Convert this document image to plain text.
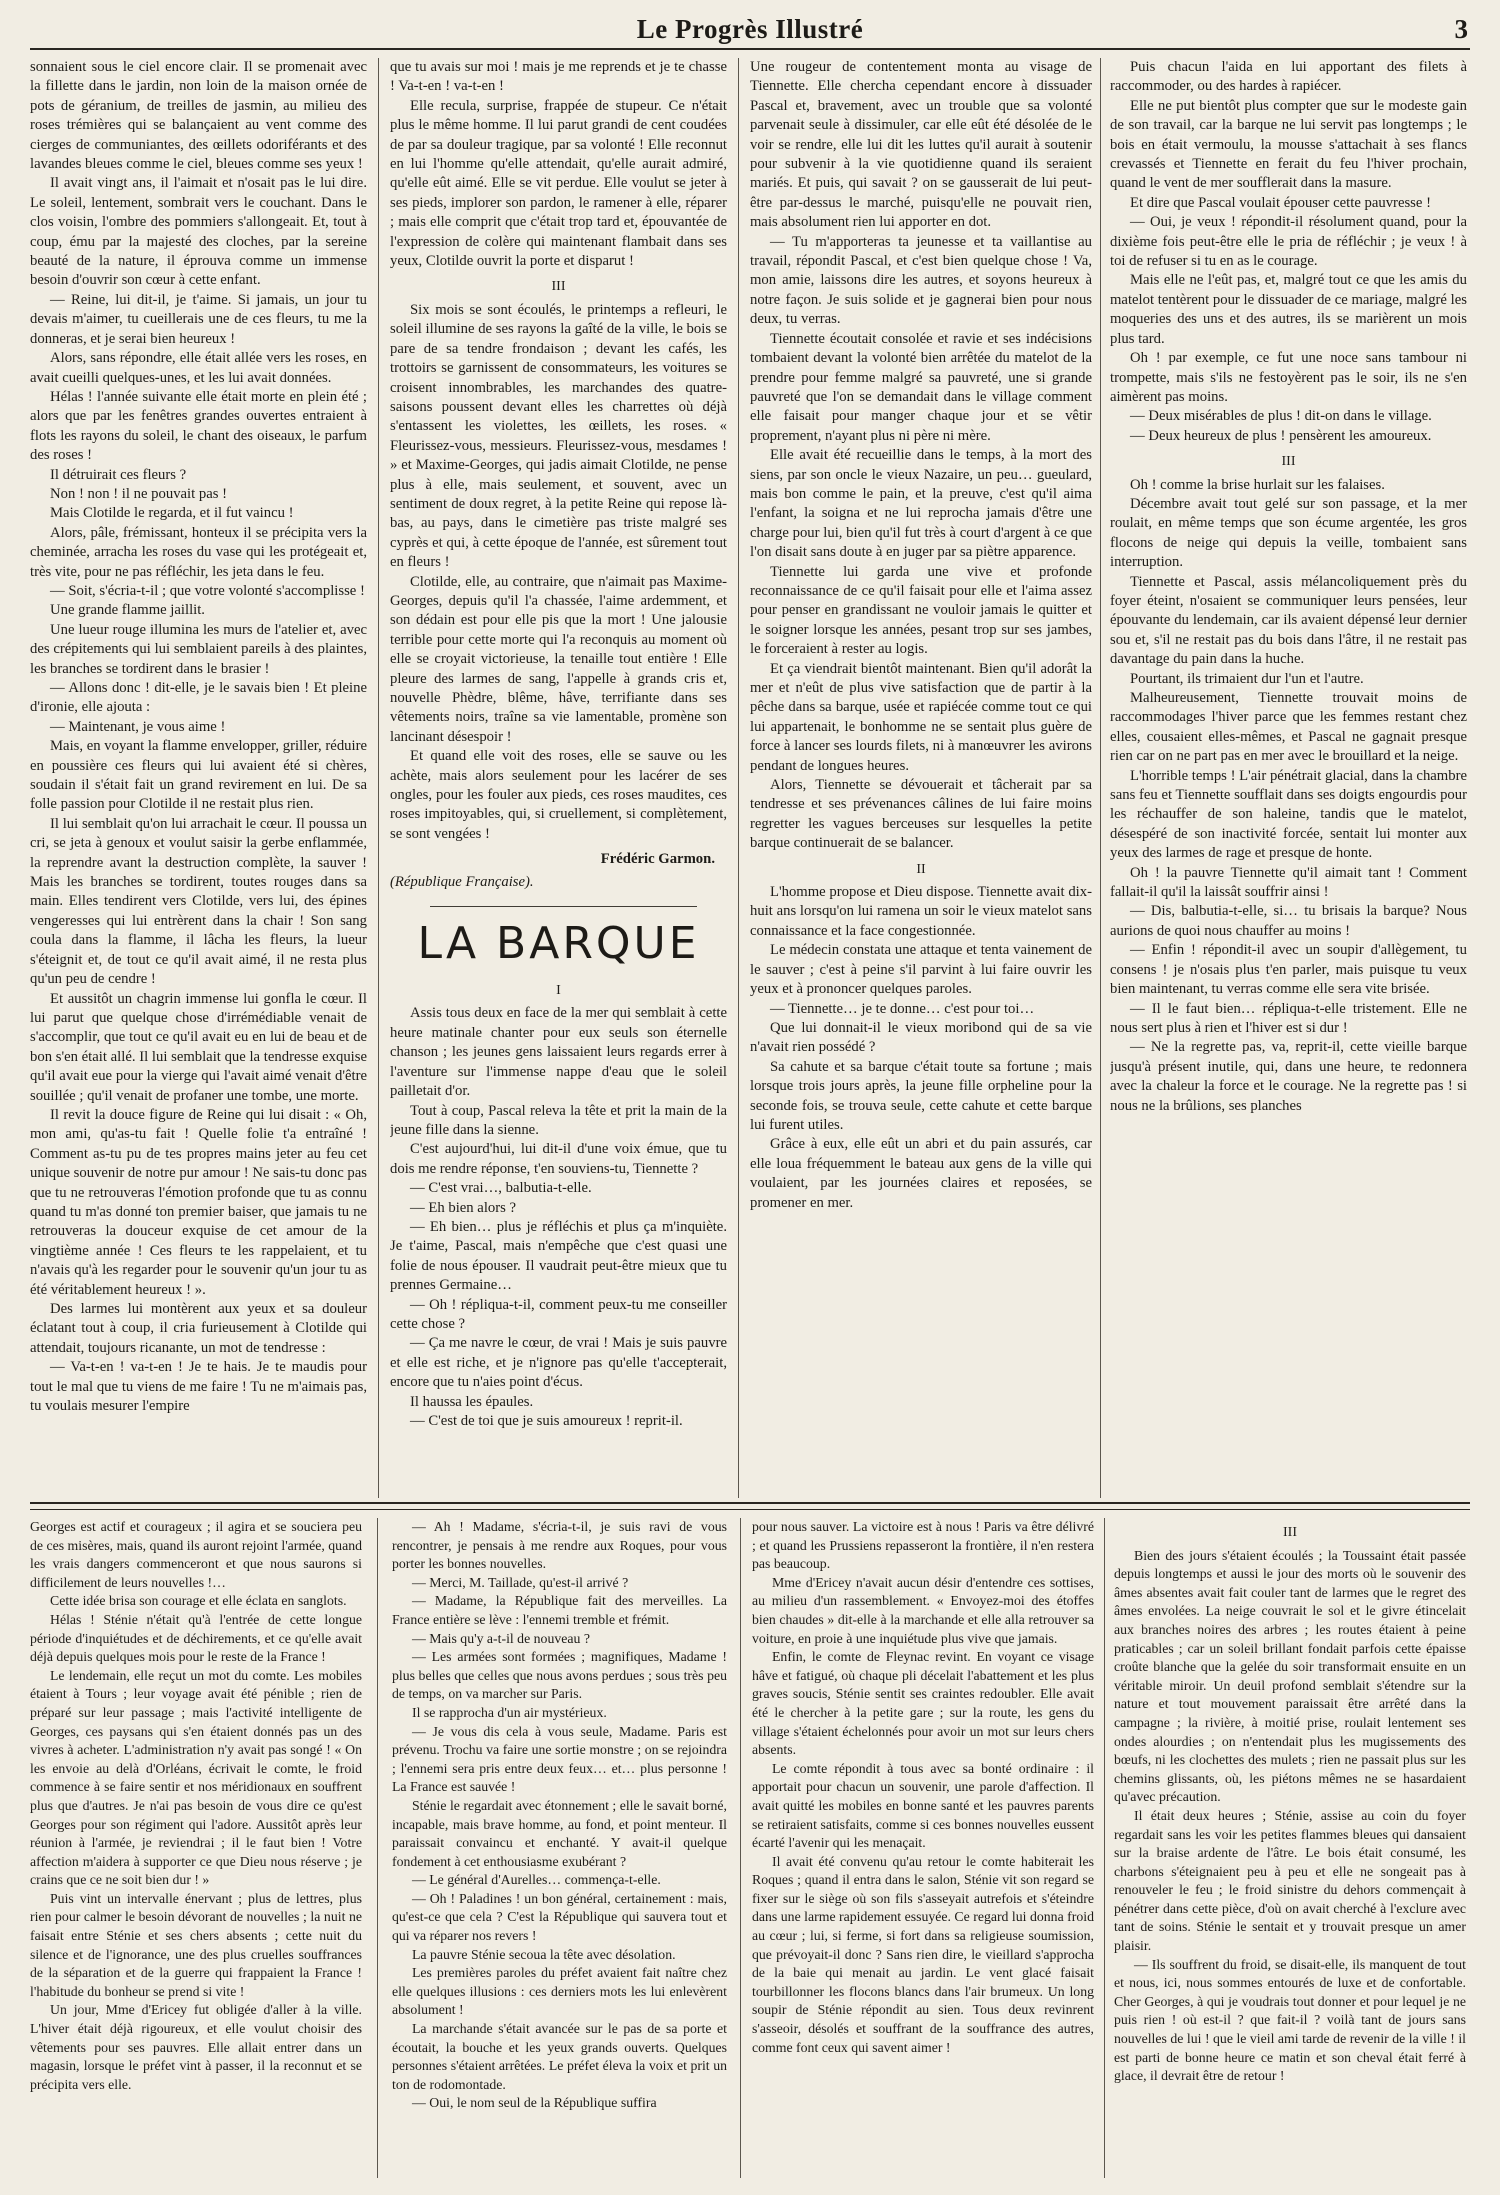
Le Progrès Illustré	3

sonnaient sous le ciel encore clair. Il se promenait avec la fillette dans le jardin, non loin de la maison ornée de pots de géranium, de treilles de jasmin, au milieu des roses trémières qui se balançaient au vent comme des cierges de communiantes, des œillets odoriférants et des lavandes bleues comme le ciel, bleues comme ses yeux !

Il avait vingt ans, il l'aimait et n'osait pas le lui dire. Le soleil, lentement, sombrait vers le couchant. Dans le clos voisin, l'ombre des pommiers s'allongeait. Et, tout à coup, ému par la majesté des cloches, par la sereine beauté de la nature, il éprouva comme un immense besoin d'ouvrir son cœur à cette enfant.

— Reine, lui dit-il, je t'aime. Si jamais, un jour tu devais m'aimer, tu cueillerais une de ces fleurs, tu me la donneras, et je serai bien heureux !

Alors, sans répondre, elle était allée vers les roses, en avait cueilli quelques-unes, et les lui avait données.

Hélas ! l'année suivante elle était morte en plein été ; alors que par les fenêtres grandes ouvertes entraient à flots les rayons du soleil, le chant des oiseaux, le parfum des roses !

Il détruirait ces fleurs ?

Non ! non ! il ne pouvait pas !

Mais Clotilde le regarda, et il fut vaincu !

Alors, pâle, frémissant, honteux il se précipita vers la cheminée, arracha les roses du vase qui les protégeait et, très vite, pour ne pas réfléchir, les jeta dans le feu.

— Soit, s'écria-t-il ; que votre volonté s'accomplisse !

Une grande flamme jaillit.

Une lueur rouge illumina les murs de l'atelier et, avec des crépitements qui lui semblaient pareils à des plaintes, les branches se tordirent dans le brasier !

— Allons donc ! dit-elle, je le savais bien ! Et pleine d'ironie, elle ajouta :

— Maintenant, je vous aime !

Mais, en voyant la flamme envelopper, griller, réduire en poussière ces fleurs qui lui avaient été si chères, soudain il s'était fait un grand revirement en lui. De sa folle passion pour Clotilde il ne restait plus rien.

Il lui semblait qu'on lui arrachait le cœur. Il poussa un cri, se jeta à genoux et voulut saisir la gerbe enflammée, la reprendre avant la destruction complète, la sauver ! Mais les branches se tordirent, toutes rouges dans sa main. Elles tendirent vers Clotilde, vers lui, des épines vengeresses qui lui entrèrent dans la chair ! Son sang coula dans la flamme, il lâcha les fleurs, la lueur s'éteignit et, de tout ce qu'il avait aimé, il ne resta plus qu'un peu de cendre !

Et aussitôt un chagrin immense lui gonfla le cœur. Il lui parut que quelque chose d'irrémédiable venait de s'accomplir, que tout ce qu'il avait eu en lui de beau et de bon s'en était allé. Il lui semblait que la tendresse exquise qu'il avait eue pour la vierge qui l'avait aimé venait d'être souillée ; qu'il venait de profaner une tombe, une morte.

Il revit la douce figure de Reine qui lui disait : « Oh, mon ami, qu'as-tu fait ! Quelle folie t'a entraîné ! Comment as-tu pu de tes propres mains jeter au feu cet unique souvenir de notre pur amour ! Ne sais-tu donc pas que tu ne retrouveras l'émotion profonde que tu as connu quand tu m'as donné ton premier baiser, que jamais tu ne retrouveras la douceur exquise de cet amour de la vingtième année ! Ces fleurs te les rappelaient, et tu n'avais qu'à les regarder pour le souvenir qu'un jour tu as été véritablement heureux ! ».

Des larmes lui montèrent aux yeux et sa douleur éclatant tout à coup, il cria furieusement à Clotilde qui attendait, toujours ricanante, un mot de tendresse :

— Va-t-en ! va-t-en ! Je te hais. Je te maudis pour tout le mal que tu viens de me faire ! Tu ne m'aimais pas, tu voulais mesurer l'empire

que tu avais sur moi ! mais je me reprends et je te chasse ! Va-t-en ! va-t-en !

Elle recula, surprise, frappée de stupeur. Ce n'était plus le même homme. Il lui parut grandi de cent coudées de par sa douleur tragique, par sa volonté ! Elle reconnut en lui l'homme qu'elle attendait, qu'elle aurait admiré, qu'elle eût aimé. Elle se vit perdue. Elle voulut se jeter à ses pieds, implorer son pardon, le ramener à elle, réparer ; mais elle comprit que c'était trop tard et, épouvantée de l'expression de colère qui maintenant flambait dans ses yeux, Clotilde ouvrit la porte et disparut !

III

Six mois se sont écoulés, le printemps a refleuri, le soleil illumine de ses rayons la gaîté de la ville, le bois se pare de sa tendre frondaison ; devant les cafés, les trottoirs se garnissent de consommateurs, les voitures se croisent innombrables, les marchandes des quatre-saisons poussent devant elles les charrettes où déjà s'entassent les violettes, les œillets, les roses. « Fleurissez-vous, messieurs. Fleurissez-vous, mesdames ! » et Maxime-Georges, qui jadis aimait Clotilde, ne pense plus à elle, mais seulement, et souvent, avec un sentiment de doux regret, à la petite Reine qui repose là-bas, au pays, dans le cimetière pas triste malgré ses cyprès et qui, à cette époque de l'année, est sûrement tout en fleurs !

Clotilde, elle, au contraire, que n'aimait pas Maxime-Georges, depuis qu'il l'a chassée, l'aime ardemment, et son dédain est pour elle pis que la mort ! Une jalousie terrible pour cette morte qui l'a reconquis au moment où elle se croyait victorieuse, la tenaille tout entière ! Elle pleure des larmes de sang, l'appelle à grands cris et, nouvelle Phèdre, blême, hâve, terrifiante dans ses vêtements noirs, traîne sa vie lamentable, promène son lancinant désespoir !

Et quand elle voit des roses, elle se sauve ou les achète, mais alors seulement pour les lacérer de ses ongles, pour les fouler aux pieds, ces roses maudites, ces roses impitoyables, qui, si cruellement, si complètement, se sont vengées !

Frédéric Garmon.
(République Française).
LA BARQUE
I

Assis tous deux en face de la mer qui semblait à cette heure matinale chanter pour eux seuls son éternelle chanson ; les jeunes gens laissaient leurs regards errer à l'aventure sur l'immense nappe d'eau que le soleil pailletait d'or.

Tout à coup, Pascal releva la tête et prit la main de la jeune fille dans la sienne.

C'est aujourd'hui, lui dit-il d'une voix émue, que tu dois me rendre réponse, t'en souviens-tu, Tiennette ?

— C'est vrai…, balbutia-t-elle.

— Eh bien alors ?

— Eh bien… plus je réfléchis et plus ça m'inquiète. Je t'aime, Pascal, mais n'empêche que c'est quasi une folie de nous épouser. Il vaudrait peut-être mieux que tu prennes Germaine…

— Oh ! répliqua-t-il, comment peux-tu me conseiller cette chose ?

— Ça me navre le cœur, de vrai ! Mais je suis pauvre et elle est riche, et je n'ignore pas qu'elle t'accepterait, encore que tu n'aies point d'écus.

Il haussa les épaules.

— C'est de toi que je suis amoureux ! reprit-il.

Une rougeur de contentement monta au visage de Tiennette. Elle chercha cependant encore à dissuader Pascal et, bravement, avec un trouble que sa volonté parvenait seule à dissimuler, car elle eût été désolée de le voir se rendre, elle lui dit les luttes qu'il aurait à soutenir pour subvenir à la vie quotidienne quand ils seraient mariés. Et puis, qui savait ? on se gausserait de lui peut-être par-dessus le marché, puisqu'elle ne pouvait rien, mais absolument rien lui apporter en dot.

— Tu m'apporteras ta jeunesse et ta vaillantise au travail, répondit Pascal, et c'est bien quelque chose ! Va, mon amie, laissons dire les autres, et soyons heureux à notre façon. Je suis solide et je gagnerai bien pour nous deux, tu verras.

Tiennette écoutait consolée et ravie et ses indécisions tombaient devant la volonté bien arrêtée du matelot de la prendre pour femme malgré sa pauvreté, une si grande pauvreté que l'on se demandait dans le village comment elle faisait pour manger chaque jour et se vêtir proprement, n'ayant plus ni père ni mère.

Elle avait été recueillie dans le temps, à la mort des siens, par son oncle le vieux Nazaire, un peu… gueulard, mais bon comme le pain, et la preuve, c'est qu'il aima l'enfant, la soigna et ne lui reprocha jamais d'être une charge pour lui, bien qu'il fut très à court d'argent à ce que l'on disait sans doute à en juger par sa piètre apparence.

Tiennette lui garda une vive et profonde reconnaissance de ce qu'il faisait pour elle et l'aima assez pour penser en grandissant ne vouloir jamais le quitter et le soigner lorsque les années, pesant trop sur ses jambes, le forceraient à rester au logis.

Et ça viendrait bientôt maintenant. Bien qu'il adorât la mer et n'eût de plus vive satisfaction que de partir à la pêche dans sa barque, usée et rapiécée comme tout ce qui lui appartenait, le bonhomme ne se sentait plus guère de force à lancer ses lourds filets, ni à manœuvrer les avirons pendant de longues heures.

Alors, Tiennette se dévouerait et tâcherait par sa tendresse et ses prévenances câlines de lui faire moins regretter les vagues berceuses sur lesquelles la petite barque continuerait de se balancer.

II

L'homme propose et Dieu dispose. Tiennette avait dix-huit ans lorsqu'on lui ramena un soir le vieux matelot sans connaissance et la face congestionnée.

Le médecin constata une attaque et tenta vainement de le sauver ; c'est à peine s'il parvint à lui faire ouvrir les yeux et à prononcer quelques paroles.

— Tiennette… je te donne… c'est pour toi…

Que lui donnait-il le vieux moribond qui de sa vie n'avait rien possédé ?

Sa cahute et sa barque c'était toute sa fortune ; mais lorsque trois jours après, la jeune fille orpheline pour la seconde fois, se trouva seule, cette cahute et cette barque lui furent utiles.

Grâce à eux, elle eût un abri et du pain assurés, car elle loua fréquemment le bateau aux gens de la ville qui voulaient, par les journées claires et reposées, se promener en mer.

Puis chacun l'aida en lui apportant des filets à raccommoder, ou des hardes à rapiécer.

Elle ne put bientôt plus compter que sur le modeste gain de son travail, car la barque ne lui servit pas longtemps ; le bois en était vermoulu, la mousse s'attachait à ses flancs crevassés et Tiennette en ferait du feu l'hiver prochain, quand le vent de mer soufflerait dans la masure.

Et dire que Pascal voulait épouser cette pauvresse !

— Oui, je veux ! répondit-il résolument quand, pour la dixième fois peut-être elle le pria de réfléchir ; je veux ! à toi de refuser si tu en as le courage.

Mais elle ne l'eût pas, et, malgré tout ce que les amis du matelot tentèrent pour le dissuader de ce mariage, malgré les moqueries des uns et des autres, ils se marièrent un mois plus tard.

Oh ! par exemple, ce fut une noce sans tambour ni trompette, mais s'ils ne festoyèrent pas le soir, ils ne s'en aimèrent pas moins.

— Deux misérables de plus ! dit-on dans le village.

— Deux heureux de plus ! pensèrent les amoureux.

III

Oh ! comme la brise hurlait sur les falaises.

Décembre avait tout gelé sur son passage, et la mer roulait, en même temps que son écume argentée, les gros flocons de neige qui depuis la veille, tombaient sans interruption.

Tiennette et Pascal, assis mélancoliquement près du foyer éteint, n'osaient se communiquer leurs pensées, leur épouvante du lendemain, car ils avaient dépensé leur dernier sou et, s'il ne restait pas du bois dans l'âtre, il ne restait pas davantage du pain dans la huche.

Pourtant, ils trimaient dur l'un et l'autre.

Malheureusement, Tiennette trouvait moins de raccommodages l'hiver parce que les femmes restant chez elles, cousaient elles-mêmes, et Pascal ne gagnait presque rien car on ne part pas en mer avec le brouillard et la neige.

L'horrible temps ! L'air pénétrait glacial, dans la chambre sans feu et Tiennette soufflait dans ses doigts engourdis pour les réchauffer de son haleine, tandis que le matelot, désespéré de son inactivité forcée, sentait lui monter aux yeux des larmes de rage et presque de honte.

Oh ! la pauvre Tiennette qu'il aimait tant ! Comment fallait-il qu'il la laissât souffrir ainsi !

— Dis, balbutia-t-elle, si… tu brisais la barque? Nous aurions de quoi nous chauffer au moins !

— Enfin ! répondit-il avec un soupir d'allègement, tu consens ! je n'osais plus t'en parler, mais puisque tu veux bien maintenant, tu verras comme elle sera vite brisée.

— Il le faut bien… répliqua-t-elle tristement. Elle ne nous sert plus à rien et l'hiver est si dur !

— Ne la regrette pas, va, reprit-il, cette vieille barque jusqu'à présent inutile, qui, dans une heure, te redonnera avec la chaleur la force et le courage. Ne la regrette pas ! si nous ne la brûlions, ses planches

Georges est actif et courageux ; il agira et se souciera peu de ces misères, mais, quand ils auront rejoint l'armée, quand les vrais dangers commenceront et que nous saurons si difficilement de leurs nouvelles !…

Cette idée brisa son courage et elle éclata en sanglots.

Hélas ! Sténie n'était qu'à l'entrée de cette longue période d'inquiétudes et de déchirements, et ce qu'elle avait déjà depuis quelques mois pour le reste de la France !

Le lendemain, elle reçut un mot du comte. Les mobiles étaient à Tours ; leur voyage avait été pénible ; rien de préparé sur leur passage ; mais l'activité intelligente de Georges, ces paysans qui s'en étaient donnés pas un des vivres à acheter. L'administration n'y avait pas songé ! « On les envoie au delà d'Orléans, écrivait le comte, le froid commence à se faire sentir et nos méridionaux en souffrent plus que d'autres. Je n'ai pas besoin de vous dire ce qu'est Georges pour son régiment qui l'adore. Aussitôt après leur réunion à l'armée, je reviendrai ; il le faut bien ! Votre affection m'aidera à supporter ce que Dieu nous réserve ; je crains que ce ne soit bien dur ! »

Puis vint un intervalle énervant ; plus de lettres, plus rien pour calmer le besoin dévorant de nouvelles ; la nuit ne faisait entre Sténie et ses chers absents ; cette nuit du silence et de l'ignorance, une des plus cruelles souffrances de la séparation et de la guerre qui frappaient la France ! l'habitude du bonheur se prend si vite !

Un jour, Mme d'Ericey fut obligée d'aller à la ville. L'hiver était déjà rigoureux, et elle voulut choisir des vêtements pour ses pauvres. Elle allait entrer dans un magasin, lorsque le préfet vint à passer, il la reconnut et se précipita vers elle.

— Ah ! Madame, s'écria-t-il, je suis ravi de vous rencontrer, je pensais à me rendre aux Roques, pour vous porter les bonnes nouvelles.

— Merci, M. Taillade, qu'est-il arrivé ?

— Madame, la République fait des merveilles. La France entière se lève : l'ennemi tremble et frémit.

— Mais qu'y a-t-il de nouveau ?

— Les armées sont formées ; magnifiques, Madame ! plus belles que celles que nous avons perdues ; sous très peu de temps, on va marcher sur Paris.

Il se rapprocha d'un air mystérieux.

— Je vous dis cela à vous seule, Madame. Paris est prévenu. Trochu va faire une sortie monstre ; on se rejoindra ; l'ennemi sera pris entre deux feux… et… plus personne ! La France est sauvée !

Sténie le regardait avec étonnement ; elle le savait borné, incapable, mais brave homme, au fond, et point menteur. Il paraissait convaincu et enchanté. Y avait-il quelque fondement à cet enthousiasme exubérant ?

— Le général d'Aurelles… commença-t-elle.

— Oh ! Paladines ! un bon général, certainement : mais, qu'est-ce que cela ? C'est la République qui sauvera tout et qui va réparer nos revers !

La pauvre Sténie secoua la tête avec désolation.

Les premières paroles du préfet avaient fait naître chez elle quelques illusions : ces derniers mots les lui enlevèrent absolument !

La marchande s'était avancée sur le pas de sa porte et écoutait, la bouche et les yeux grands ouverts. Quelques personnes s'étaient arrêtées. Le préfet éleva la voix et prit un ton de rodomontade.

— Oui, le nom seul de la République suffira

pour nous sauver. La victoire est à nous ! Paris va être délivré ; et quand les Prussiens repasseront la frontière, il n'en restera pas beaucoup.

Mme d'Ericey n'avait aucun désir d'entendre ces sottises, au milieu d'un rassemblement. « Envoyez-moi des étoffes bien chaudes » dit-elle à la marchande et elle alla retrouver sa voiture, en proie à une inquiétude plus vive que jamais.

Enfin, le comte de Fleynac revint. En voyant ce visage hâve et fatigué, où chaque pli décelait l'abattement et les plus graves soucis, Sténie sentit ses craintes redoubler. Elle avait été le chercher à la petite gare ; sur la route, les gens du village s'étaient échelonnés pour avoir un mot sur leurs chers absents.

Le comte répondit à tous avec sa bonté ordinaire : il apportait pour chacun un souvenir, une parole d'affection. Il avait quitté les mobiles en bonne santé et les pauvres parents se retiraient satisfaits, comme si ces bonnes nouvelles eussent écarté l'avenir qui les menaçait.

Il avait été convenu qu'au retour le comte habiterait les Roques ; quand il entra dans le salon, Sténie vit son regard se fixer sur le siège où son fils s'asseyait autrefois et s'éteindre dans une larme rapidement essuyée. Ce regard lui donna froid au cœur ; lui, si ferme, si fort dans sa religieuse soumission, que prévoyait-il donc ? Sans rien dire, le vieillard s'approcha de la baie qui menait au jardin. Le vent glacé faisait tourbillonner les flocons blancs dans l'air brumeux. Un long soupir de Sténie répondit au sien. Tous deux revinrent s'asseoir, désolés et souffrant de la souffrance des autres, comme font ceux qui savent aimer !

III

Bien des jours s'étaient écoulés ; la Toussaint était passée depuis longtemps et aussi le jour des morts où le souvenir des âmes absentes avait fait couler tant de larmes que le regret des âmes envolées. La neige couvrait le sol et le givre étincelait aux branches noires des arbres ; les routes étaient à peine praticables ; car un soleil brillant fondait parfois cette épaisse croûte blanche que la gelée du soir transformait ensuite en un véritable miroir. Un deuil profond semblait s'étendre sur la nature et tout mouvement paraissait être arrêté dans la campagne ; la rivière, à moitié prise, roulait lentement ses ondes alourdies ; on n'entendait plus les mugissements des bœufs, ni les clochettes des mulets ; rien ne passait plus sur les chemins glissants, où, les piétons mêmes ne se hasardaient qu'avec précaution.

Il était deux heures ; Sténie, assise au coin du foyer regardait sans les voir les petites flammes bleues qui dansaient sur la braise ardente de l'âtre. Le bois était consumé, les charbons s'éteignaient peu à peu et elle ne songeait pas à renouveler le feu ; le froid sinistre du dehors commençait à pénétrer dans cette pièce, d'où on avait cherché à l'exclure avec tant de soins. Sténie le sentait et y trouvait presque un amer plaisir.

— Ils souffrent du froid, se disait-elle, ils manquent de tout et nous, ici, nous sommes entourés de luxe et de confortable. Cher Georges, à qui je voudrais tout donner et pour lequel je ne puis rien ! où est-il ? que fait-il ? voilà tant de jours sans nouvelles de lui ! que le vieil ami tarde de revenir de la ville ! il est parti de bonne heure ce matin et son cheval était ferré à glace, il devrait être de retour !
